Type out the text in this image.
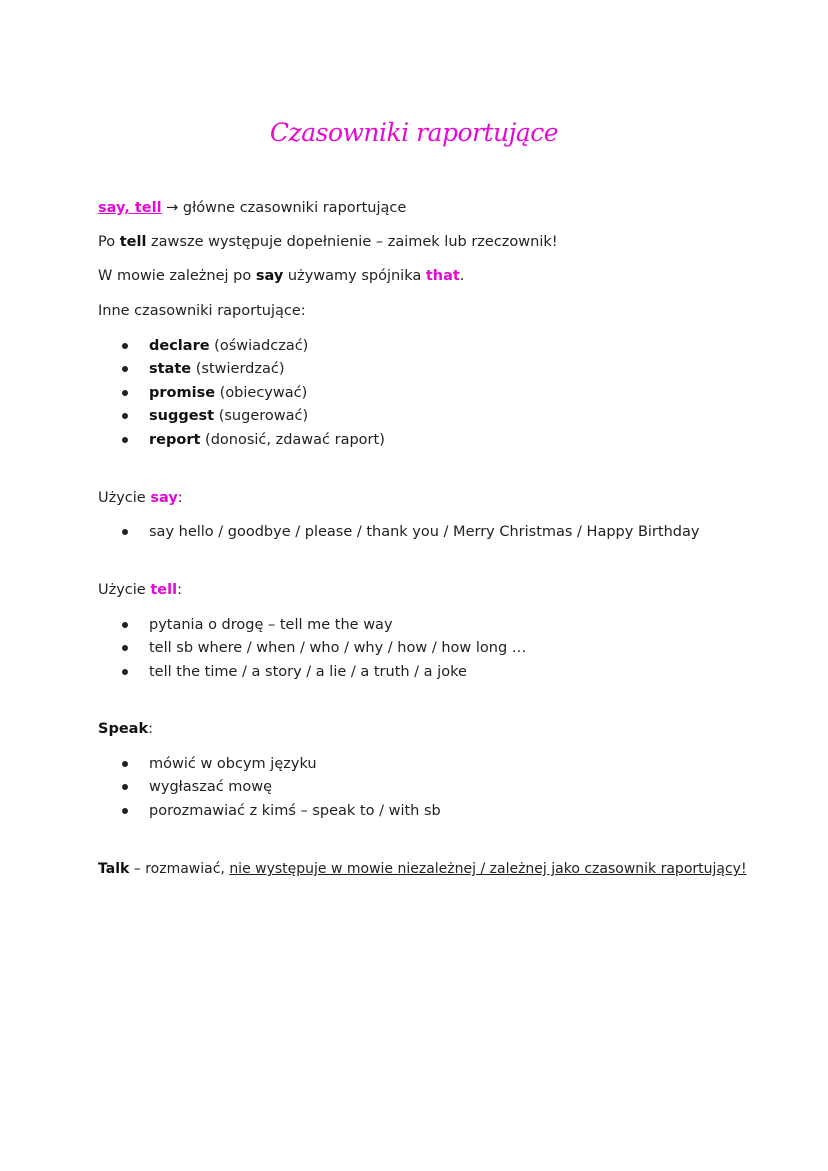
Czasowniki raportujące
say, tell → główne czasowniki raportujące
Po tell zawsze występuje dopełnienie – zaimek lub rzeczownik!
W mowie zależnej po say używamy spójnika that.
Inne czasowniki raportujące:
declare (oświadczać)
state (stwierdzać)
promise (obiecywać)
suggest (sugerować)
report (donosić, zdawać raport)
Użycie say:
say hello / goodbye / please / thank you / Merry Christmas / Happy Birthday
Użycie tell:
pytania o drogę – tell me the way
tell sb where / when / who / why / how / how long …
tell the time / a story / a lie / a truth / a joke
Speak:
mówić w obcym języku
wygłaszać mowę
porozmawiać z kimś – speak to / with sb
Talk – rozmawiać, nie występuje w mowie niezależnej / zależnej jako czasownik raportujący!
